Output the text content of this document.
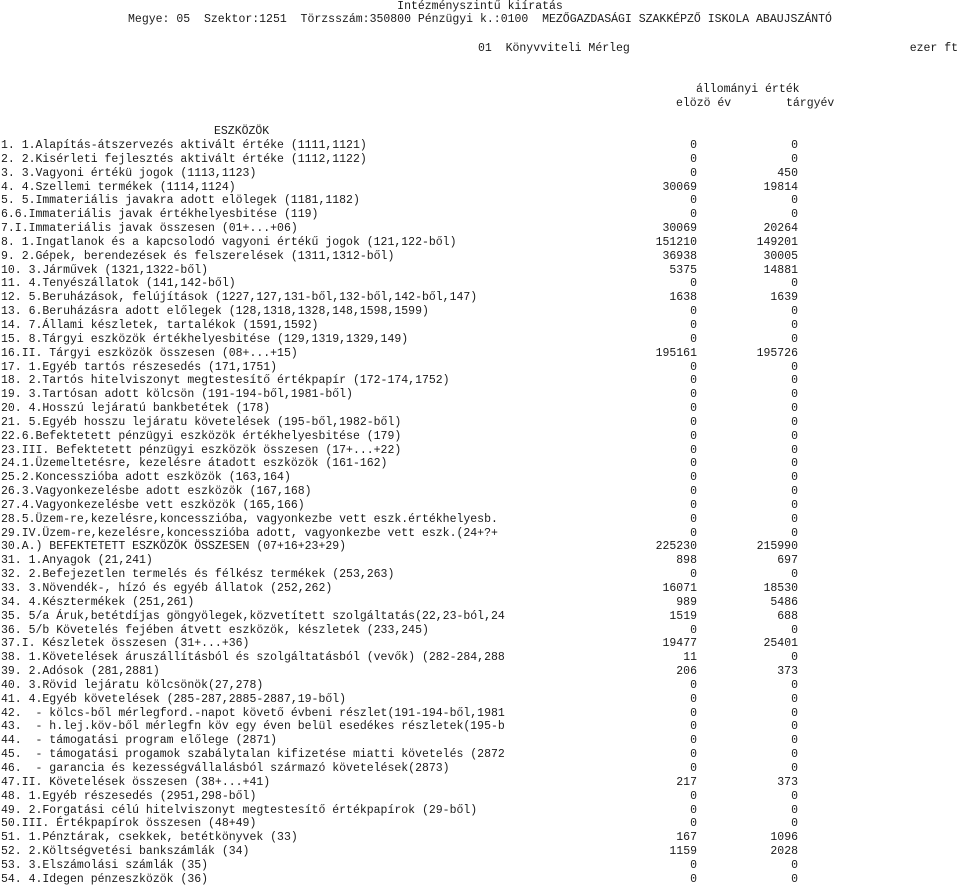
Intézményszintű kiíratás
Megye: 05  Szektor:1251  Törzsszám:350800 Pénzügyi k.:0100  MEZŐGAZDASÁGI SZAKKÉPZŐ ISKOLA ABAUJSZÁNTÓ
01  Könyvviteli Mérleg	ezer ft
állományi érték
elözö év	tárgyév
ESZKÖZÖK
1. 1.Alapítás-átszervezés aktivált értéke (1111,1121)	0	0
2. 2.Kisérleti fejlesztés aktivált értéke (1112,1122)	0	0
3. 3.Vagyoni értékü jogok (1113,1123)	0	450
4. 4.Szellemi termékek (1114,1124)	30069	19814
5. 5.Immateriális javakra adott elölegek (1181,1182)	0	0
6.6.Immateriális javak értékhelyesbitése (119)	0	0
7.I.Immateriális javak összesen (01+...+06)	30069	20264
8. 1.Ingatlanok és a kapcsolodó vagyoni értékű jogok (121,122-ből)	151210	149201
9. 2.Gépek, berendezések és felszerelések (1311,1312-ből)	36938	30005
10. 3.Járművek (1321,1322-ből)	5375	14881
11. 4.Tenyészállatok (141,142-ből)	0	0
12. 5.Beruházások, felújítások (1227,127,131-ből,132-ből,142-ből,147)	1638	1639
13. 6.Beruházásra adott előlegek (128,1318,1328,148,1598,1599)	0	0
14. 7.Állami készletek, tartalékok (1591,1592)	0	0
15. 8.Tárgyi eszközök értékhelyesbitése (129,1319,1329,149)	0	0
16.II. Tárgyi eszközök összesen (08+...+15)	195161	195726
17. 1.Egyéb tartós részesedés (171,1751)	0	0
18. 2.Tartós hitelviszonyt megtestesítő értékpapír (172-174,1752)	0	0
19. 3.Tartósan adott kölcsön (191-194-ből,1981-ből)	0	0
20. 4.Hosszú lejáratú bankbetétek (178)	0	0
21. 5.Egyéb hosszu lejáratu követelések (195-ből,1982-ből)	0	0
22.6.Befektetett pénzügyi eszközök értékhelyesbitése (179)	0	0
23.III. Befektetett pénzügyi eszközök összesen (17+...+22)	0	0
24.1.Üzemeltetésre, kezelésre átadott eszközök (161-162)	0	0
25.2.Koncesszióba adott eszközök (163,164)	0	0
26.3.Vagyonkezelésbe adott eszközök (167,168)	0	0
27.4.Vagyonkezelésbe vett eszközök (165,166)	0	0
28.5.Üzem-re,kezelésre,koncesszióba, vagyonkezbe vett eszk.értékhelyesb.	0	0
29.IV.Üzem-re,kezelésre,koncesszióba adott, vagyonkezbe vett eszk.(24+?+	0	0
30.A.) BEFEKTETETT ESZKÖZÖK ÖSSZESEN (07+16+23+29)	225230	215990
31. 1.Anyagok (21,241)	898	697
32. 2.Befejezetlen termelés és félkész termékek (253,263)	0	0
33. 3.Növendék-, hízó és egyéb állatok (252,262)	16071	18530
34. 4.Késztermékek (251,261)	989	5486
35. 5/a Áruk,betétdíjas göngyölegek,közvetített szolgáltatás(22,23-ból,24	1519	688
36. 5/b Követelés fejében átvett eszközök, készletek (233,245)	0	0
37.I. Készletek összesen (31+...+36)	19477	25401
38. 1.Követelések áruszállításból és szolgáltatásból (vevők) (282-284,288	11	0
39. 2.Adósok (281,2881)	206	373
40. 3.Rövid lejáratu kölcsönök(27,278)	0	0
41. 4.Egyéb követelések (285-287,2885-2887,19-ből)	0	0
42.  - kölcs-ből mérlegford.-napot követő évbeni részlet(191-194-ből,1981	0	0
43.  - h.lej.köv-ből mérlegfn köv egy éven belül esedékes részletek(195-b	0	0
44.  - támogatási program előlege (2871)	0	0
45.  - támogatási progamok szabálytalan kifizetése miatti követelés (2872	0	0
46.  - garancia és kezességvállalásból származó követelések(2873)	0	0
47.II. Követelések összesen (38+...+41)	217	373
48. 1.Egyéb részesedés (2951,298-ből)	0	0
49. 2.Forgatási célú hitelviszonyt megtestesítő értékpapírok (29-ből)	0	0
50.III. Értékpapírok összesen (48+49)	0	0
51. 1.Pénztárak, csekkek, betétkönyvek (33)	167	1096
52. 2.Költségvetési bankszámlák (34)	1159	2028
53. 3.Elszámolási számlák (35)	0	0
54. 4.Idegen pénzeszközök (36)	0	0
